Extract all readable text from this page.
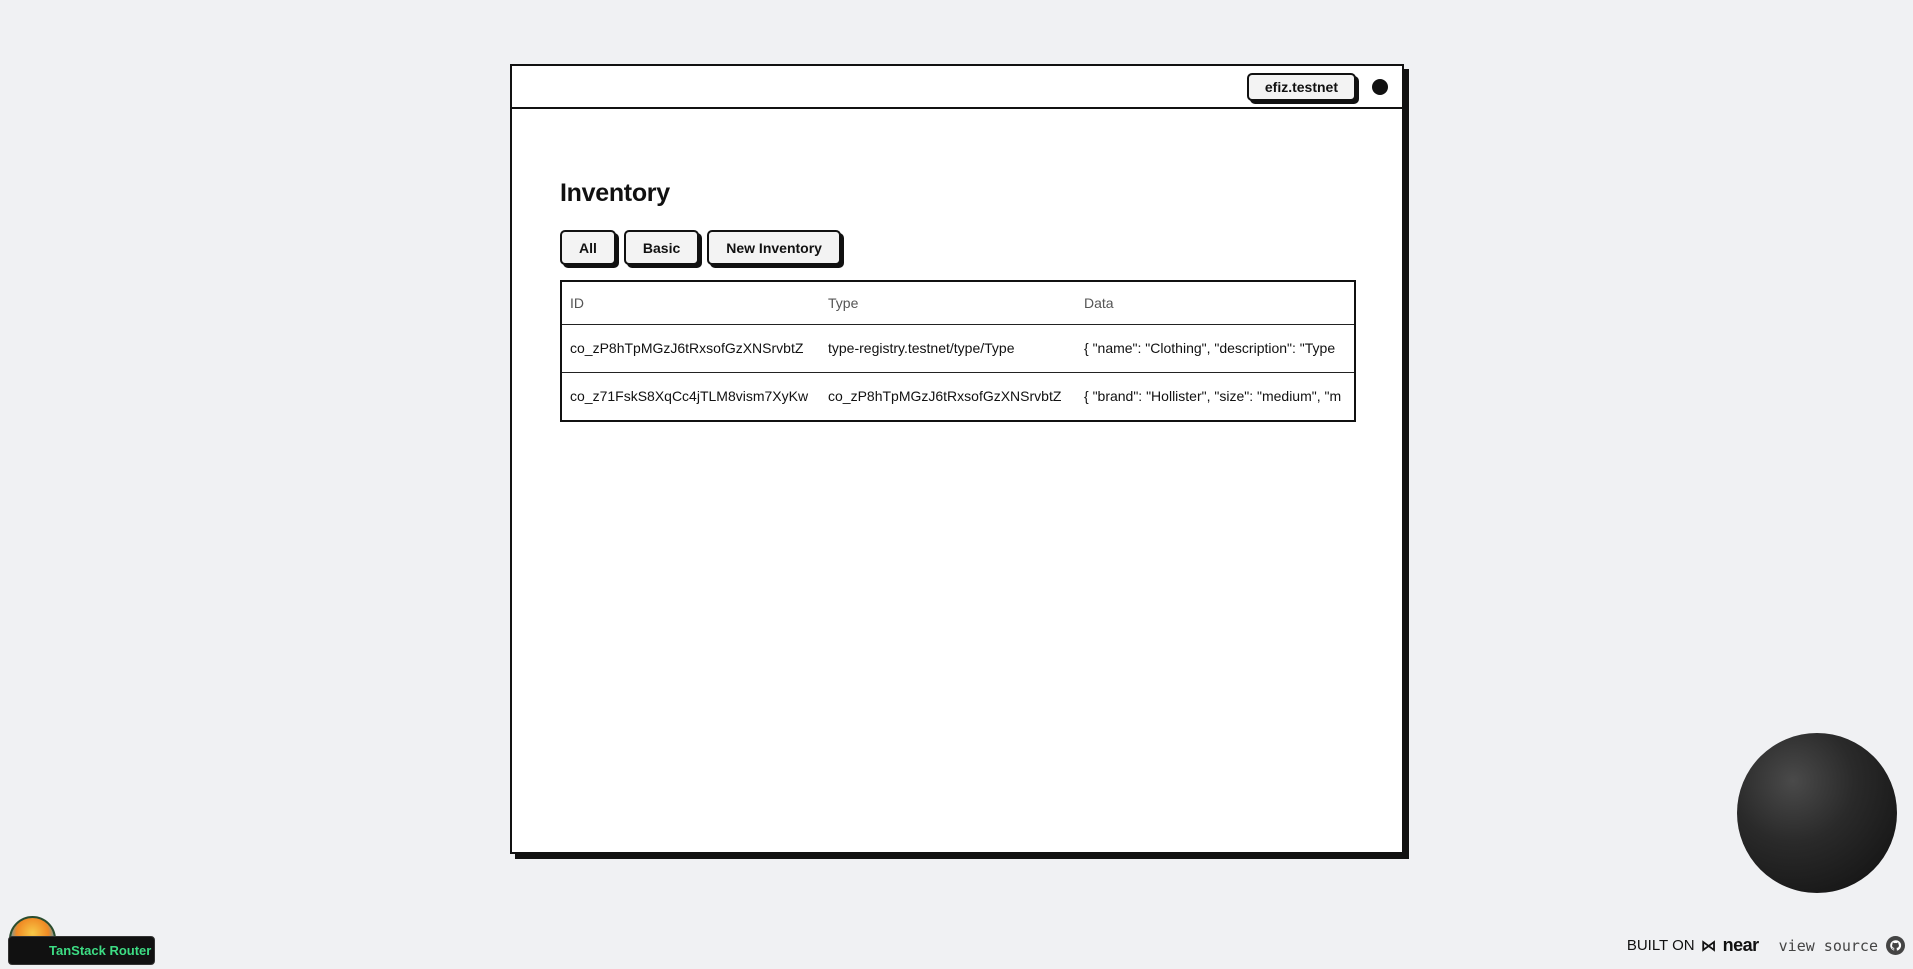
efiz.testnet
Inventory
All	Basic	New Inventory
ID	Type	Data
co_zP8hTpMGzJ6tRxsofGzXNSrvbtZ	type-registry.testnet/type/Type	{ "name": "Clothing", "description": "Type
co_z71FskS8XqCc4jTLM8vism7XyKw	co_zP8hTpMGzJ6tRxsofGzXNSrvbtZ	{ "brand": "Hollister", "size": "medium", "m
TanStack Router	BUILT ON ⋈ near view source
